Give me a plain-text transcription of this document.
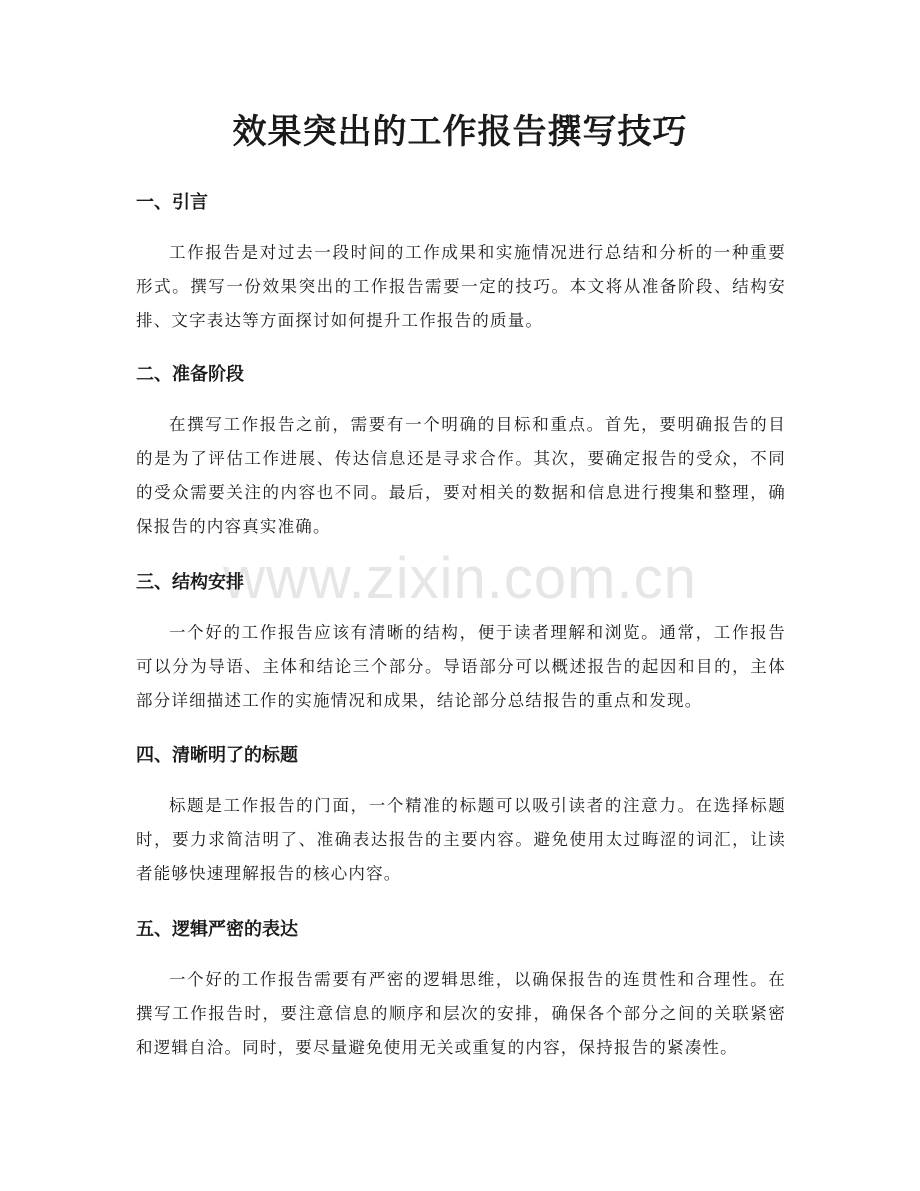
www.zixin.com.cn
效果突出的工作报告撰写技巧
一、引言

工作报告是对过去一段时间的工作成果和实施情况进行总结和分析的一种重要形式。撰写一份效果突出的工作报告需要一定的技巧。本文将从准备阶段、结构安排、文字表达等方面探讨如何提升工作报告的质量。

二、准备阶段

在撰写工作报告之前，需要有一个明确的目标和重点。首先，要明确报告的目的是为了评估工作进展、传达信息还是寻求合作。其次，要确定报告的受众，不同的受众需要关注的内容也不同。最后，要对相关的数据和信息进行搜集和整理，确保报告的内容真实准确。

三、结构安排

一个好的工作报告应该有清晰的结构，便于读者理解和浏览。通常，工作报告可以分为导语、主体和结论三个部分。导语部分可以概述报告的起因和目的，主体部分详细描述工作的实施情况和成果，结论部分总结报告的重点和发现。

四、清晰明了的标题

标题是工作报告的门面，一个精准的标题可以吸引读者的注意力。在选择标题时，要力求简洁明了、准确表达报告的主要内容。避免使用太过晦涩的词汇，让读者能够快速理解报告的核心内容。

五、逻辑严密的表达

一个好的工作报告需要有严密的逻辑思维，以确保报告的连贯性和合理性。在撰写工作报告时，要注意信息的顺序和层次的安排，确保各个部分之间的关联紧密和逻辑自洽。同时，要尽量避免使用无关或重复的内容，保持报告的紧凑性。
